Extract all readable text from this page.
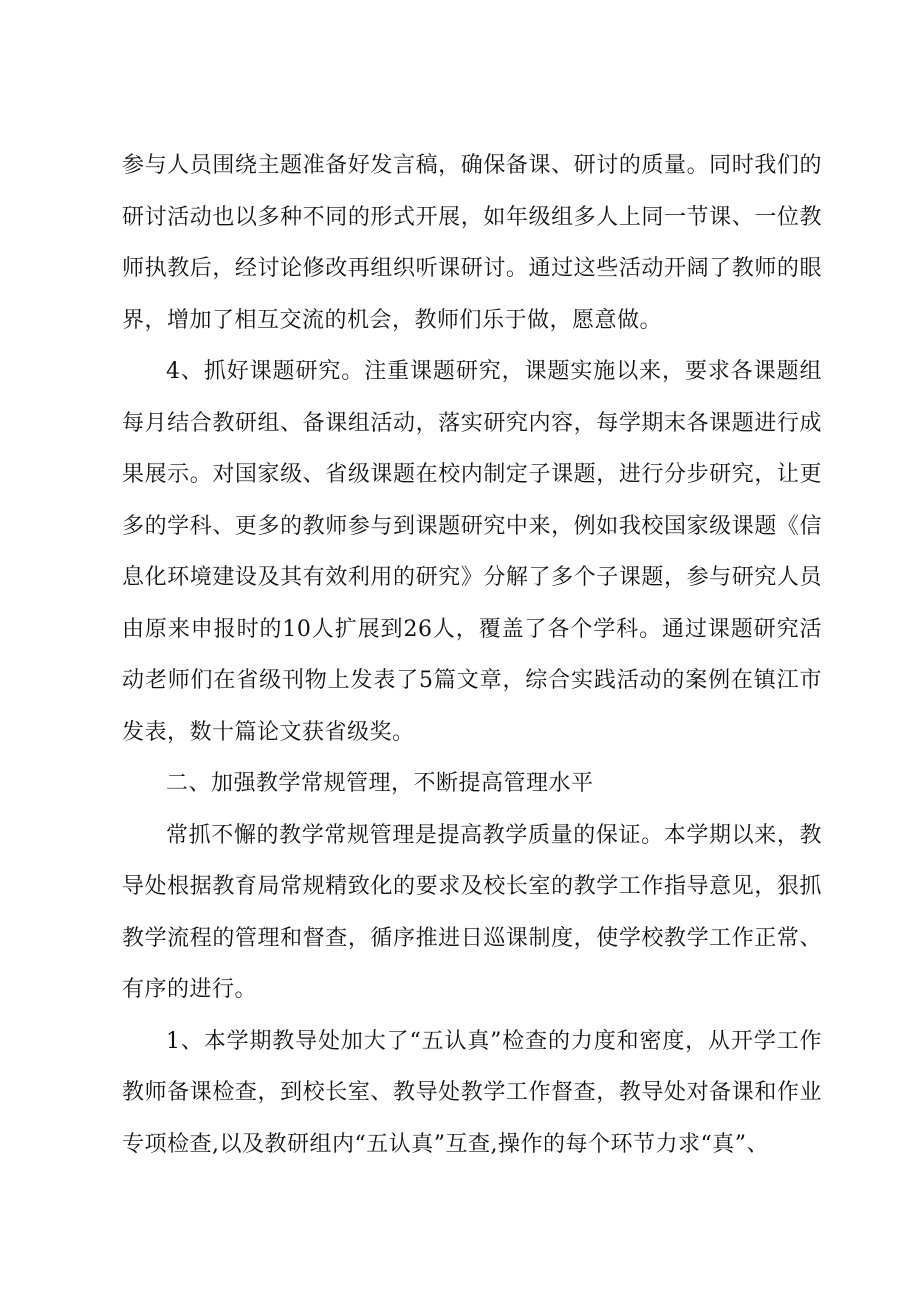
参与人员围绕主题准备好发言稿，确保备课、研讨的质量。同时我们的研讨活动也以多种不同的形式开展，如年级组多人上同一节课、一位教师执教后，经讨论修改再组织听课研讨。通过这些活动开阔了教师的眼界，增加了相互交流的机会，教师们乐于做，愿意做。

4、抓好课题研究。注重课题研究，课题实施以来，要求各课题组每月结合教研组、备课组活动，落实研究内容，每学期末各课题进行成果展示。对国家级、省级课题在校内制定子课题，进行分步研究，让更多的学科、更多的教师参与到课题研究中来，例如我校国家级课题《信息化环境建设及其有效利用的研究》分解了多个子课题，参与研究人员由原来申报时的10人扩展到26人，覆盖了各个学科。通过课题研究活动老师们在省级刊物上发表了5篇文章，综合实践活动的案例在镇江市发表，数十篇论文获省级奖。

二、加强教学常规管理，不断提高管理水平

常抓不懈的教学常规管理是提高教学质量的保证。本学期以来，教导处根据教育局常规精致化的要求及校长室的教学工作指导意见，狠抓教学流程的管理和督查，循序推进日巡课制度，使学校教学工作正常、有序的进行。

1、本学期教导处加大了“五认真”检查的力度和密度，从开学工作教师备课检查，到校长室、教导处教学工作督查，教导处对备课和作业专项检查,以及教研组内“五认真”互查,操作的每个环节力求“真”、
